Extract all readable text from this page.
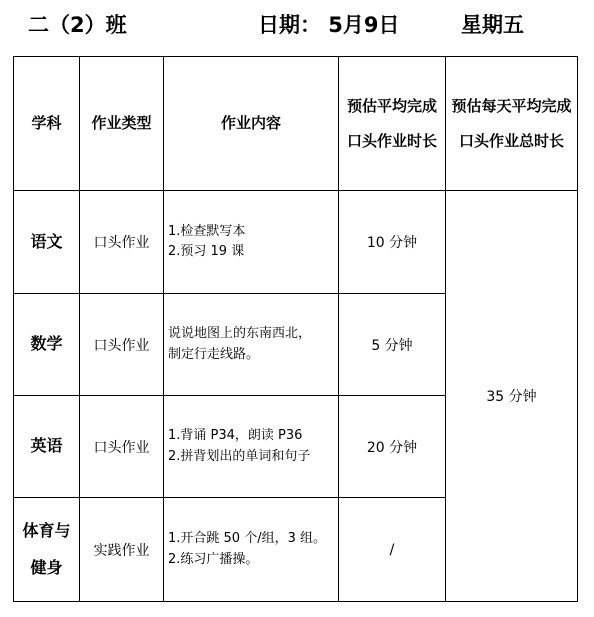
二（2）班	日期： 5月9日	星期五
学科	作业类型	作业内容	预估平均完成口头作业时长	预估每天平均完成口头作业总时长
语文	口头作业	1.检查默写本
2.预习 19 课	10 分钟	35 分钟
数学	口头作业	说说地图上的东南西北，
制定行走线路。	5 分钟	
英语	口头作业	1.背诵 P34，朗读 P36
2.拼背划出的单词和句子	20 分钟	
体育与健身	实践作业	1.开合跳 50 个/组，3 组。
2.练习广播操。	/	
